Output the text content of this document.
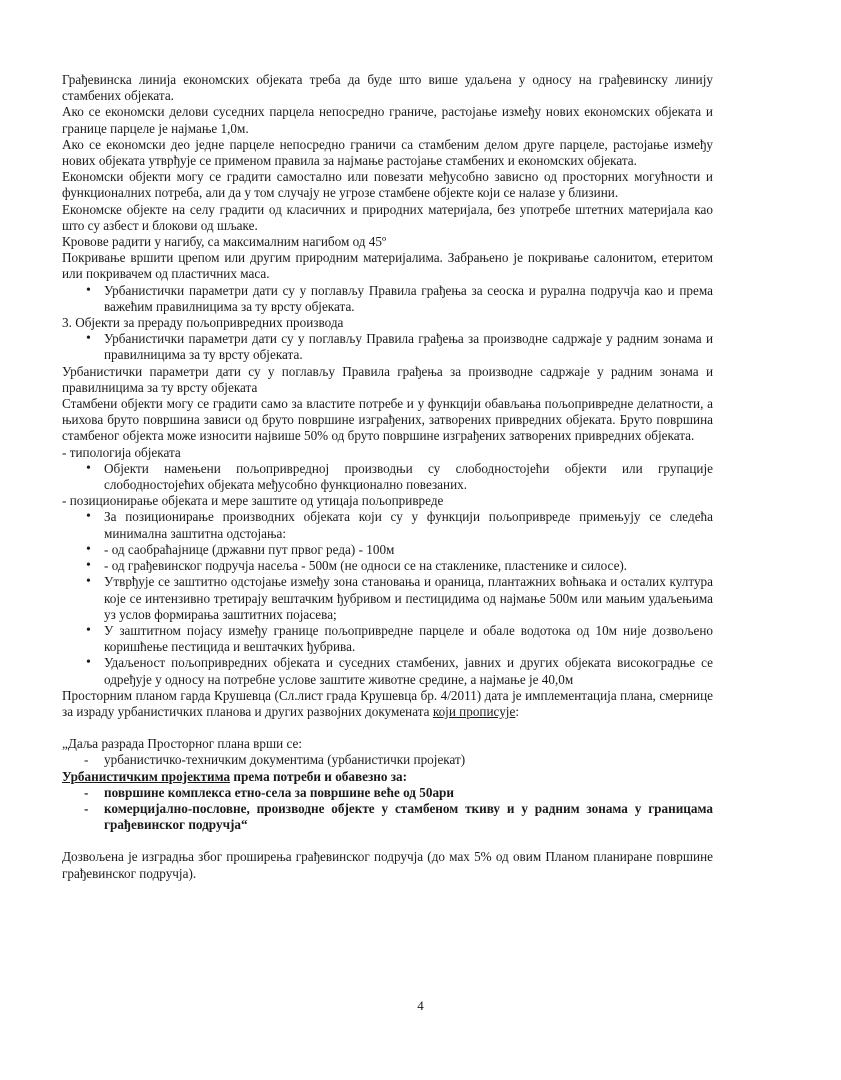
Грађевинска линија економских објеката треба да буде што више удаљена у односу на грађевинску линију стамбених објеката.

Ако се економски делови суседних парцела непосредно граниче, растојање између нових економских објеката и границе парцеле је најмање 1,0м.

Ако се економски део једне парцеле непосредно граничи са стамбеним делом друге парцеле, растојање између нових објеката утврђује се применом правила за најмање растојање стамбених и економских објеката.

Економски објекти могу се градити самостално или повезати међусобно зависно од просторних могућности и функционалних потреба, али да у том случају не угрозе стамбене објекте који се налазе у близини.

Економске објекте на селу градити од класичних и природних материјала, без употребе штетних материјала као што су азбест и блокови од шљаке.

Кровове радити у нагибу, са максималним нагибом од 45º

Покривање вршити црепом или другим природним материјалима. Забрањено је покривање салонитом, етеритом или покривачем од пластичних маса.

• Урбанистички параметри дати су у поглављу Правила грађења за сеоска и рурална подручја као и према важећим правилницима за ту врсту објеката.

3. Објекти за прераду пољопривредних производа

• Урбанистички параметри дати су у поглављу Правила грађења за производне садржаје у радним зонама и правилницима за ту врсту објеката.

Урбанистички параметри дати су у поглављу Правила грађења за производне садржаје у радним зонама и правилницима за ту врсту објеката

Стамбени објекти могу се градити само за властите потребе и у функцији обављања пољопривредне делатности, а њихова бруто површина зависи од бруто површине изграђених, затворених привредних објеката. Бруто површина стамбеног објекта може износити највише 50% од бруто површине изграђених затворених привредних објеката.

- типологија објеката

• Објекти намењени пољопривредној производњи су слободностојећи објекти или групације слободностојећих објеката међусобно функционално повезаних.

- позиционирање објеката и мере заштите од утицаја пољопривреде

• За позиционирање производних објеката који су у функцији пољопривреде примењују се следећа минимална заштитна одстојања:
• - од саобраћајнице (државни пут првог реда) - 100м
• - од грађевинског подручја насеља - 500м (не односи се на стакленике, пластенике и силосе).
• Утврђује се заштитно одстојање између зона становања и ораница, плантажних воћњака и осталих култура које се интензивно третирају вештачким ђубривом и пестицидима од најмање 500м или мањим удаљењима уз услов формирања заштитних појасева;
• У заштитном појасу између границе пољопривредне парцеле и обале водотока од 10м није дозвољено коришћење пестицида и вештачких ђубрива.
• Удаљеност пољопривредних објеката и суседних стамбених, јавних и других објеката високоградње се одређује у односу на потребне услове заштите животне средине, а најмање је 40,0м

Просторним планом гарда Крушевца (Сл.лист града Крушевца бр. 4/2011) дата је имплементација плана, смернице за израду урбанистичких планова и других развојних докумената који прописује:

„Даља разрада Просторног плана врши се:

- урбанистичко-техничким документима (урбанистички пројекат)

Урбанистичким пројектима према потреби и обавезно за:

- површине комплекса етно-села за површине веће од 50ари
- комерцијално-пословне, производне објекте у стамбеном ткиву и у радним зонама у границама грађевинског подручја“

Дозвољена је изградња због проширења грађевинског подручја (до мах 5% од овим Планом планиране површине грађевинског подручја).

4
